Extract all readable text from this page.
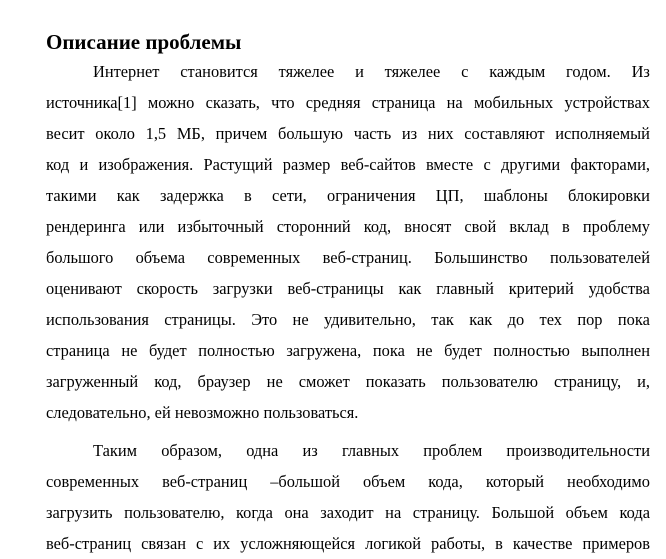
Описание проблемы
Интернет становится тяжелее и тяжелее с каждым годом. Из
источника[1] можно сказать, что средняя страница на мобильных устройствах
весит около 1,5 МБ, причем большую часть из них составляют исполняемый
код и изображения. Растущий размер веб-сайтов вместе с другими факторами,
такими как задержка в сети, ограничения ЦП, шаблоны блокировки
рендеринга или избыточный сторонний код, вносят свой вклад в проблему
большого объема современных веб-страниц. Большинство пользователей
оценивают скорость загрузки веб-страницы как главный критерий удобства
использования страницы. Это не удивительно, так как до тех пор пока
страница не будет полностью загружена, пока не будет полностью выполнен
загруженный код, браузер не сможет показать пользователю страницу, и,
следовательно, ей невозможно пользоваться.
Таким образом, одна из главных проблем производительности
современных веб-страниц –большой объем кода, который необходимо
загрузить пользователю, когда она заходит на страницу. Большой объем кода
веб-страниц связан с их усложняющейся логикой работы, в качестве примеров
